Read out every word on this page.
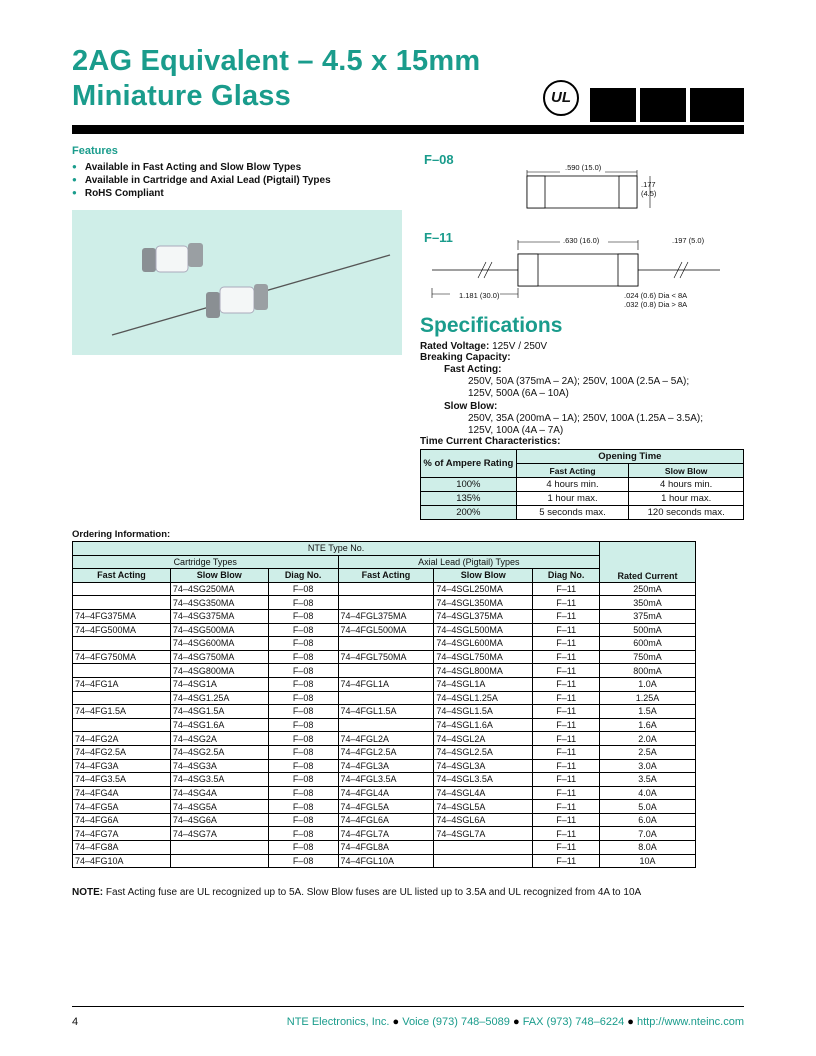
2AG Equivalent – 4.5 x 15mm
Miniature Glass	UL
Features
● Available in Fast Acting and Slow Blow Types
● Available in Cartridge and Axial Lead (Pigtail) Types
● RoHS Compliant
F–08
.590 (15.0)
.177
(4.5)
F–11	.630 (16.0)	.197 (5.0)
1.181 (30.0)	.024 (0.6) Dia < 8A
.032 (0.8) Dia > 8A
Specifications
Rated Voltage: 125V / 250V
Breaking Capacity:
Fast Acting:
250V, 50A (375mA – 2A); 250V, 100A (2.5A – 5A);
125V, 500A (6A – 10A)
Slow Blow:
250V, 35A (200mA – 1A); 250V, 100A (1.25A – 3.5A);
125V, 100A (4A – 7A)
Time Current Characteristics:
% of Ampere Rating	Opening Time	
	Fast Acting	Slow Blow
100%	4 hours min.	4 hours min.
135%	1 hour max.	1 hour max.
200%	5 seconds max.	120 seconds max.
Ordering Information:
NTE Type No.						Rated Current
Cartridge Types			Axial Lead (Pigtail) Types			
Fast Acting	Slow Blow	Diag No.	Fast Acting	Slow Blow	Diag No.	
	74–4SG250MA	F–08		74–4SGL250MA	F–11	250mA
	74–4SG350MA	F–08		74–4SGL350MA	F–11	350mA
74–4FG375MA	74–4SG375MA	F–08	74–4FGL375MA	74–4SGL375MA	F–11	375mA
74–4FG500MA	74–4SG500MA	F–08	74–4FGL500MA	74–4SGL500MA	F–11	500mA
	74–4SG600MA	F–08		74–4SGL600MA	F–11	600mA
74–4FG750MA	74–4SG750MA	F–08	74–4FGL750MA	74–4SGL750MA	F–11	750mA
	74–4SG800MA	F–08		74–4SGL800MA	F–11	800mA
74–4FG1A	74–4SG1A	F–08	74–4FGL1A	74–4SGL1A	F–11	1.0A
	74–4SG1.25A	F–08		74–4SGL1.25A	F–11	1.25A
74–4FG1.5A	74–4SG1.5A	F–08	74–4FGL1.5A	74–4SGL1.5A	F–11	1.5A
	74–4SG1.6A	F–08		74–4SGL1.6A	F–11	1.6A
74–4FG2A	74–4SG2A	F–08	74–4FGL2A	74–4SGL2A	F–11	2.0A
74–4FG2.5A	74–4SG2.5A	F–08	74–4FGL2.5A	74–4SGL2.5A	F–11	2.5A
74–4FG3A	74–4SG3A	F–08	74–4FGL3A	74–4SGL3A	F–11	3.0A
74–4FG3.5A	74–4SG3.5A	F–08	74–4FGL3.5A	74–4SGL3.5A	F–11	3.5A
74–4FG4A	74–4SG4A	F–08	74–4FGL4A	74–4SGL4A	F–11	4.0A
74–4FG5A	74–4SG5A	F–08	74–4FGL5A	74–4SGL5A	F–11	5.0A
74–4FG6A	74–4SG6A	F–08	74–4FGL6A	74–4SGL6A	F–11	6.0A
74–4FG7A	74–4SG7A	F–08	74–4FGL7A	74–4SGL7A	F–11	7.0A
74–4FG8A		F–08	74–4FGL8A		F–11	8.0A
74–4FG10A		F–08	74–4FGL10A		F–11	10A
NOTE: Fast Acting fuse are UL recognized up to 5A. Slow Blow fuses are UL listed up to 3.5A and UL recognized from 4A to 10A
4	NTE Electronics, Inc. ● Voice (973) 748–5089 ● FAX (973) 748–6224 ● http://www.nteinc.com
